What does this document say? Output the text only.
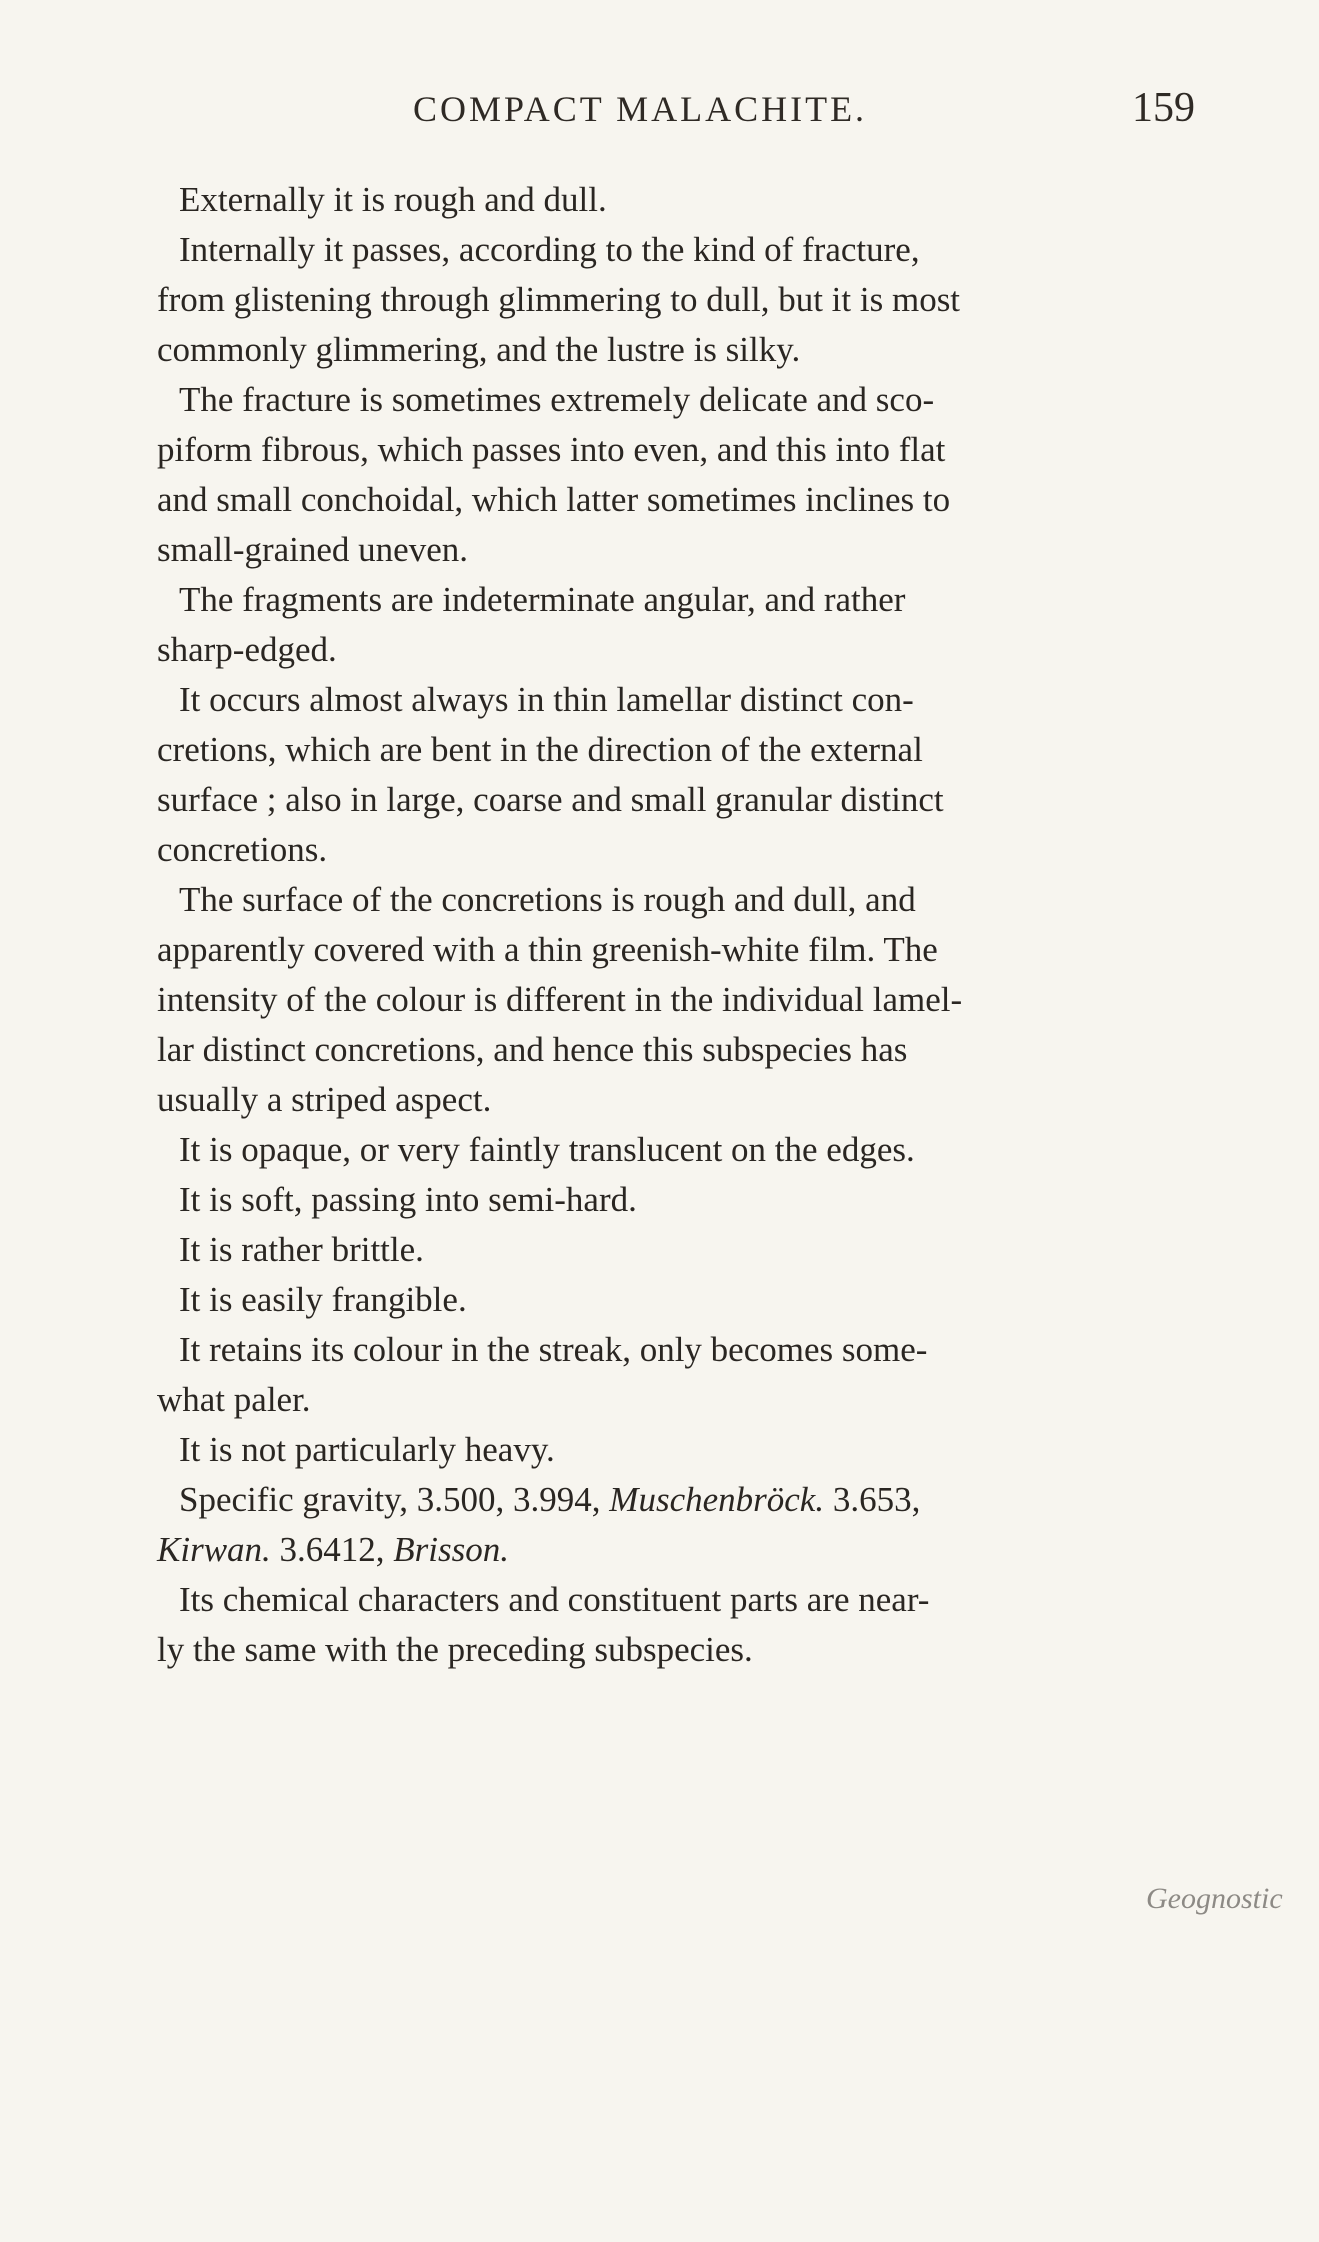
COMPACT MALACHITE.	159

Externally it is rough and dull.

Internally it passes, according to the kind of fracture,
from glistening through glimmering to dull, but it is most
commonly glimmering, and the lustre is silky.

The fracture is sometimes extremely delicate and sco-
piform fibrous, which passes into even, and this into flat
and small conchoidal, which latter sometimes inclines to
small-grained uneven.

The fragments are indeterminate angular, and rather
sharp-edged.

It occurs almost always in thin lamellar distinct con-
cretions, which are bent in the direction of the external
surface ; also in large, coarse and small granular distinct
concretions.

The surface of the concretions is rough and dull, and
apparently covered with a thin greenish-white film. The
intensity of the colour is different in the individual lamel-
lar distinct concretions, and hence this subspecies has
usually a striped aspect.

It is opaque, or very faintly translucent on the edges.

It is soft, passing into semi-hard.

It is rather brittle.

It is easily frangible.

It retains its colour in the streak, only becomes some-
what paler.

It is not particularly heavy.

Specific gravity, 3.500, 3.994, Muschenbröck. 3.653,
Kirwan. 3.6412, Brisson.

Its chemical characters and constituent parts are near-
ly the same with the preceding subspecies.

Geognostic
